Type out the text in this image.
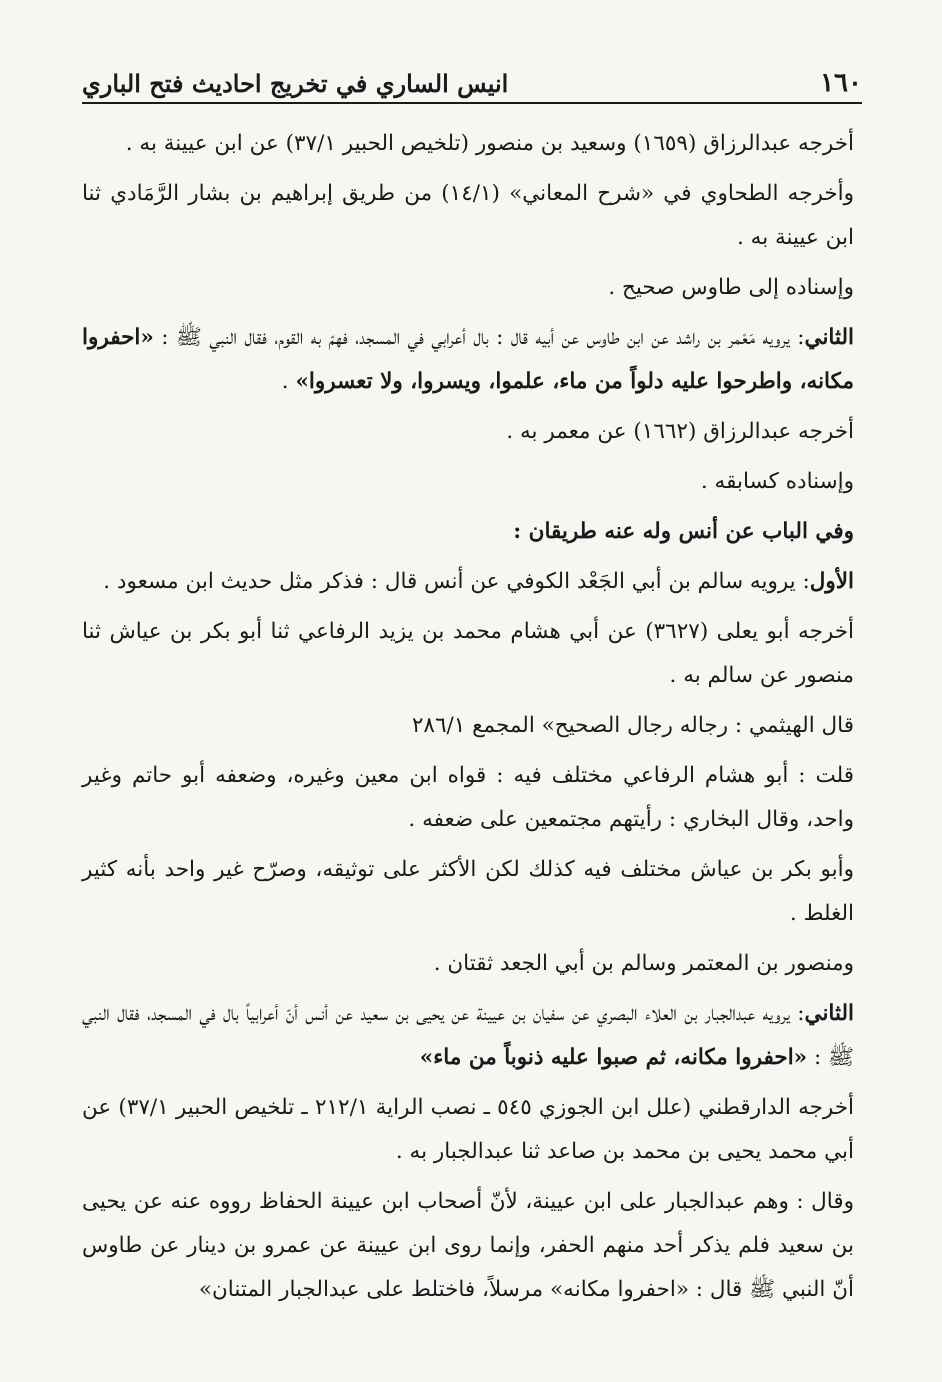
١٦٠
انيس الساري في تخريج احاديث فتح الباري

أخرجه عبدالرزاق (١٦٥٩) وسعيد بن منصور (تلخيص الحبير ٣٧/١) عن ابن عيينة به .

وأخرجه الطحاوي في «شرح المعاني» (١٤/١) من طريق إبراهيم بن بشار الرَّمَادي ثنا ابن عيينة به .

وإسناده إلى طاوس صحيح .

الثاني: يرويه مَعْمر بن راشد عن ابن طاوس عن أبيه قال : بال أعرابي في المسجد، فهمّ به القوم، فقال النبي ﷺ : «احفروا مكانه، واطرحوا عليه دلواً من ماء، علموا، ويسروا، ولا تعسروا» .

أخرجه عبدالرزاق (١٦٦٢) عن معمر به .

وإسناده كسابقه .

وفي الباب عن أنس وله عنه طريقان :

الأول: يرويه سالم بن أبي الجَعْد الكوفي عن أنس قال : فذكر مثل حديث ابن مسعود .

أخرجه أبو يعلى (٣٦٢٧) عن أبي هشام محمد بن يزيد الرفاعي ثنا أبو بكر بن عياش ثنا منصور عن سالم به .

قال الهيثمي : رجاله رجال الصحيح» المجمع ٢٨٦/١

قلت : أبو هشام الرفاعي مختلف فيه : قواه ابن معين وغيره، وضعفه أبو حاتم وغير واحد، وقال البخاري : رأيتهم مجتمعين على ضعفه .

وأبو بكر بن عياش مختلف فيه كذلك لكن الأكثر على توثيقه، وصرّح غير واحد بأنه كثير الغلط .

ومنصور بن المعتمر وسالم بن أبي الجعد ثقتان .

الثاني: يرويه عبدالجبار بن العلاء البصري عن سفيان بن عيينة عن يحيى بن سعيد عن أنس أنّ أعرابياً بال في المسجد، فقال النبي ﷺ : «احفروا مكانه، ثم صبوا عليه ذنوباً من ماء»

أخرجه الدارقطني (علل ابن الجوزي ٥٤٥ ـ نصب الراية ٢١٢/١ ـ تلخيص الحبير ٣٧/١) عن أبي محمد يحيى بن محمد بن صاعد ثنا عبدالجبار به .

وقال : وهم عبدالجبار على ابن عيينة، لأنّ أصحاب ابن عيينة الحفاظ رووه عنه عن يحيى بن سعيد فلم يذكر أحد منهم الحفر، وإنما روى ابن عيينة عن عمرو بن دينار عن طاوس أنّ النبي ﷺ قال : «احفروا مكانه» مرسلاً، فاختلط على عبدالجبار المتنان»
